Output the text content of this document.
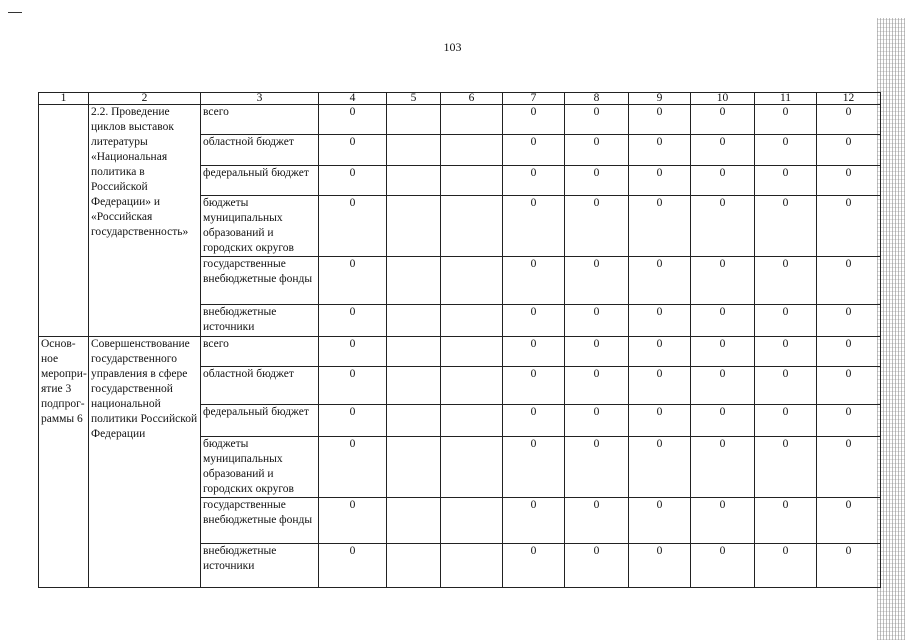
103
1	2	3	4	5	6	7	8	9	10	11	12
	2.2. Проведение циклов выставок литературы «Национальная политика в Российской Федерации» и «Российская государственность»	всего	0			0	0	0	0	0	0
		областной бюджет	0			0	0	0	0	0	0
		федеральный бюджет	0			0	0	0	0	0	0
		бюджеты муниципальных образований и городских округов	0			0	0	0	0	0	0
		государственные внебюджетные фонды	0			0	0	0	0	0	0
		внебюджетные источники	0			0	0	0	0	0	0
Основ-ное меропри-ятие 3 подпрог-раммы 6	Совершенствование государственного управления в сфере государственной национальной политики Российской Федерации	всего	0			0	0	0	0	0	0
		областной бюджет	0			0	0	0	0	0	0
		федеральный бюджет	0			0	0	0	0	0	0
		бюджеты муниципальных образований и городских округов	0			0	0	0	0	0	0
		государственные внебюджетные фонды	0			0	0	0	0	0	0
		внебюджетные источники	0			0	0	0	0	0	0
